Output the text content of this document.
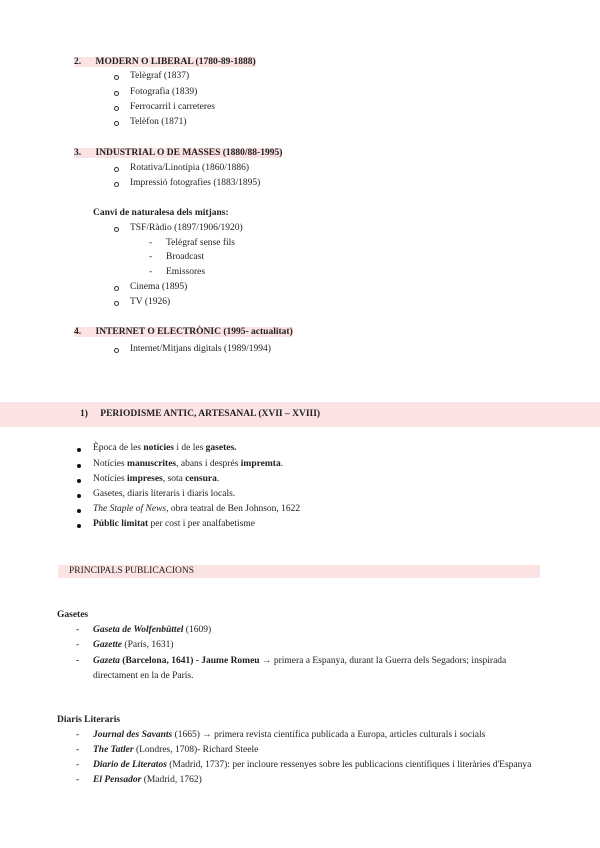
2. MODERN O LIBERAL (1780-89-1888)
Telègraf (1837)
Fotografia (1839)
Ferrocarril i carreteres
Telèfon (1871)
3. INDUSTRIAL O DE MASSES (1880/88-1995)
Rotativa/Linotípia (1860/1886)
Impressió fotografies (1883/1895)
Canvi de naturalesa dels mitjans:
TSF/Ràdio (1897/1906/1920)
- Telègraf sense fils
- Broadcast
- Emissores
Cinema (1895)
TV (1926)
4. INTERNET O ELECTRÒNIC (1995- actualitat)
Internet/Mitjans digitals (1989/1994)
1) PERIODISME ANTIC, ARTESANAL (XVII – XVIII)
Època de les notícies i de les gasetes.
Notícies manuscrites, abans i després impremta.
Notícies impreses, sota censura.
Gasetes, diaris literaris i diaris locals.
The Staple of News, obra teatral de Ben Johnson, 1622
Públic limitat per cost i per analfabetisme
PRINCIPALS PUBLICACIONS
Gasetes
- Gaseta de Wolfenbüttel (1609)
- Gazette (París, 1631)
- Gazeta (Barcelona, 1641) - Jaume Romeu → primera a Espanya, durant la Guerra dels Segadors; inspirada
directament en la de París.
Diaris Literaris
- Journal des Savants (1665) → primera revista científica publicada a Europa, articles culturals i socials
- The Tatler (Londres, 1708)- Richard Steele
- Diario de Literatos (Madrid, 1737): per incloure ressenyes sobre les publicacions científiques i literàries d'Espanya
- El Pensador (Madrid, 1762)
